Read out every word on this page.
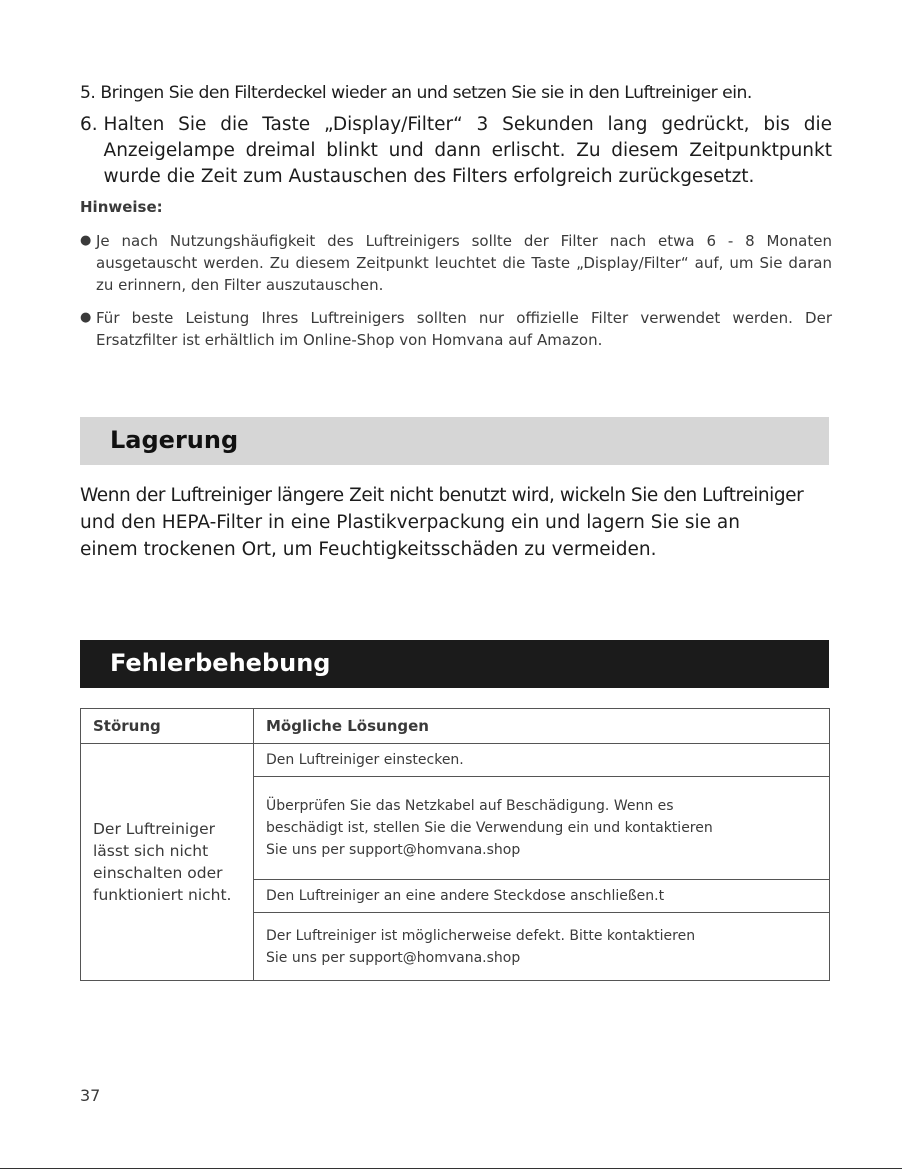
5.
Bringen Sie den Filterdeckel wieder an und setzen Sie sie in den Luftreiniger ein.
6.
Halten Sie die Taste „Display/Filter“ 3 Sekunden lang gedrückt, bis die Anzeigelampe dreimal blinkt und dann erlischt. Zu diesem Zeitpunktpunkt wurde die Zeit zum Austauschen des Filters erfolgreich zurückgesetzt.
Hinweise:
● Je nach Nutzungshäufigkeit des Luftreinigers sollte der Filter nach etwa 6 - 8 Monaten ausgetauscht werden. Zu diesem Zeitpunkt leuchtet die Taste „Display/Filter“ auf, um Sie daran zu erinnern, den Filter auszutauschen.
● Für beste Leistung Ihres Luftreinigers sollten nur offizielle Filter verwendet werden. Der Ersatzfilter ist erhältlich im Online-Shop von Homvana auf Amazon.
Lagerung
Wenn der Luftreiniger längere Zeit nicht benutzt wird, wickeln Sie den Luftreiniger
und den HEPA-Filter in eine Plastikverpackung ein und lagern Sie sie an
einem trockenen Ort, um Feuchtigkeitsschäden zu vermeiden.
Fehlerbehebung
Störung	Mögliche Lösungen

Der Luftreiniger
lässt sich nicht
einschalten oder
funktioniert nicht.	Den Luftreiniger einstecken.

	Überprüfen Sie das Netzkabel auf Beschädigung. Wenn es
beschädigt ist, stellen Sie die Verwendung ein und kontaktieren
Sie uns per support@homvana.shop

	Den Luftreiniger an eine andere Steckdose anschließen.t

	Der Luftreiniger ist möglicherweise defekt. Bitte kontaktieren
Sie uns per support@homvana.shop
37
